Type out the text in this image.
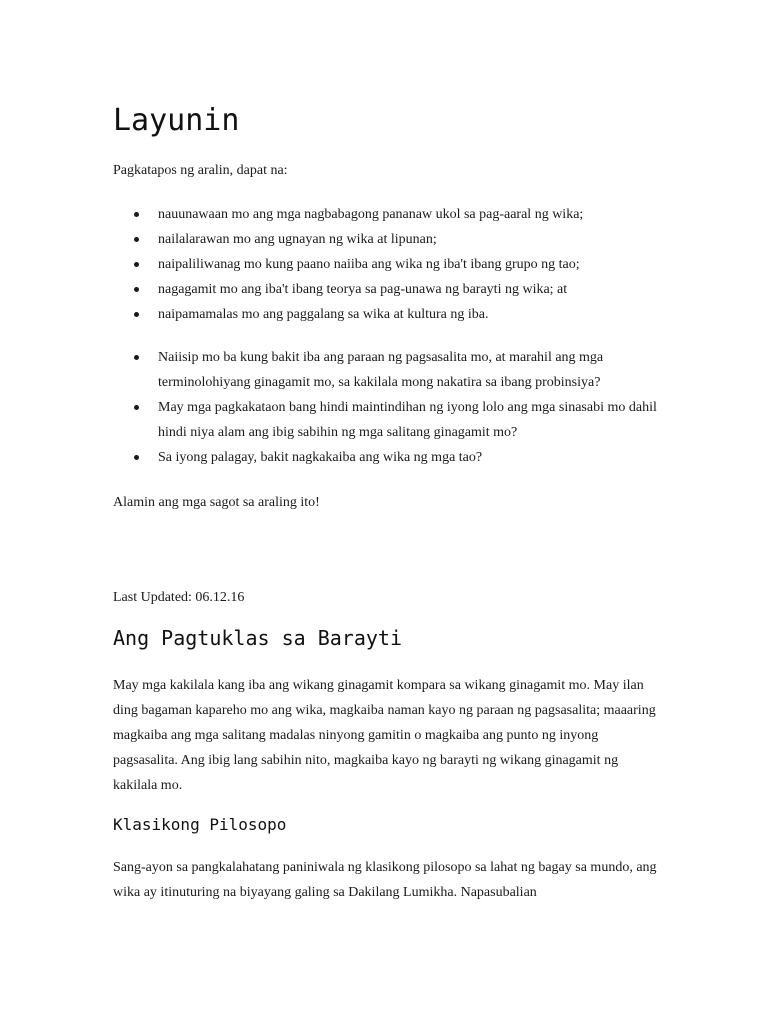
Layunin

Pagkatapos ng aralin, dapat na:

nauunawaan mo ang mga nagbabagong pananaw ukol sa pag-aaral ng wika;
nailalarawan mo ang ugnayan ng wika at lipunan;
naipaliliwanag mo kung paano naiiba ang wika ng iba't ibang grupo ng tao;
nagagamit mo ang iba't ibang teorya sa pag-unawa ng barayti ng wika; at
naipamamalas mo ang paggalang sa wika at kultura ng iba.
Naiisip mo ba kung bakit iba ang paraan ng pagsasalita mo, at marahil ang mga terminolohiyang ginagamit mo, sa kakilala mong nakatira sa ibang probinsiya?
May mga pagkakataon bang hindi maintindihan ng iyong lolo ang mga sinasabi mo dahil hindi niya alam ang ibig sabihin ng mga salitang ginagamit mo?
Sa iyong palagay, bakit nagkakaiba ang wika ng mga tao?

Alamin ang mga sagot sa araling ito!

Last Updated: 06.12.16

Ang Pagtuklas sa Barayti

May mga kakilala kang iba ang wikang ginagamit kompara sa wikang ginagamit mo. May ilan ding bagaman kapareho mo ang wika, magkaiba naman kayo ng paraan ng pagsasalita; maaaring magkaiba ang mga salitang madalas ninyong gamitin o magkaiba ang punto ng inyong pagsasalita. Ang ibig lang sabihin nito, magkaiba kayo ng barayti ng wikang ginagamit ng kakilala mo.

Klasikong Pilosopo

Sang-ayon sa pangkalahatang paniniwala ng klasikong pilosopo sa lahat ng bagay sa mundo, ang wika ay itinuturing na biyayang galing sa Dakilang Lumikha. Napasubalian
